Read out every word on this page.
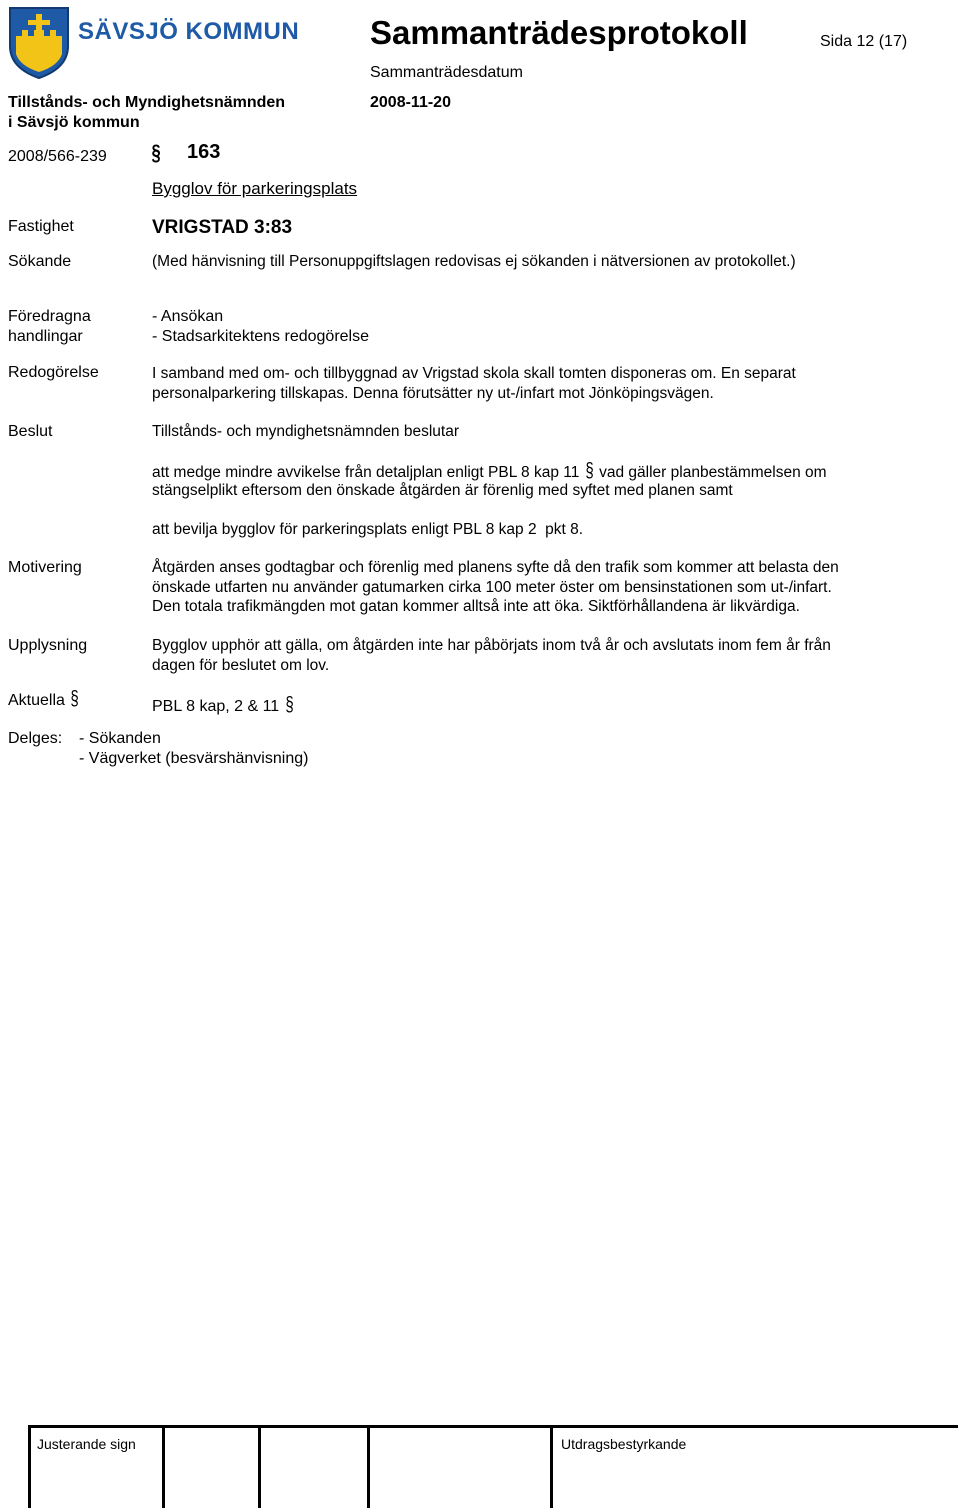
SÄVSJÖ KOMMUN Sammanträdesprotokoll	Sida 12 (17)
Sammanträdesdatum
Tillstånds- och Myndighetsnämnden	2008-11-20
i Sävsjö kommun
2008/566-239 § 163
Bygglov för parkeringsplats
Fastighet	VRIGSTAD 3:83
Sökande	(Med hänvisning till Personuppgiftslagen redovisas ej sökanden i nätversionen av protokollet.)
Föredragna
handlingar
- Ansökan
- Stadsarkitektens redogörelse
Redogörelse	I samband med om- och tillbyggnad av Vrigstad skola skall tomten disponeras om. En separat
personalparkering tillskapas. Denna förutsätter ny ut-/infart mot Jönköpingsvägen.
Beslut	Tillstånds- och myndighetsnämnden beslutar
att medge mindre avvikelse från detaljplan enligt PBL 8 kap 11 § vad gäller planbestämmelsen om
stängselplikt eftersom den önskade åtgärden är förenlig med syftet med planen samt
att bevilja bygglov för parkeringsplats enligt PBL 8 kap 2  pkt 8.
Motivering	Åtgärden anses godtagbar och förenlig med planens syfte då den trafik som kommer att belasta den
önskade utfarten nu använder gatumarken cirka 100 meter öster om bensinstationen som ut-/infart.
Den totala trafikmängden mot gatan kommer alltså inte att öka. Siktförhållandena är likvärdiga.
Upplysning	Bygglov upphör att gälla, om åtgärden inte har påbörjats inom två år och avslutats inom fem år från
dagen för beslutet om lov.
Aktuella §	PBL 8 kap, 2 & 11 §
Delges: - Sökanden
- Vägverket (besvärshänvisning)
Justerande sign	Utdragsbestyrkande
